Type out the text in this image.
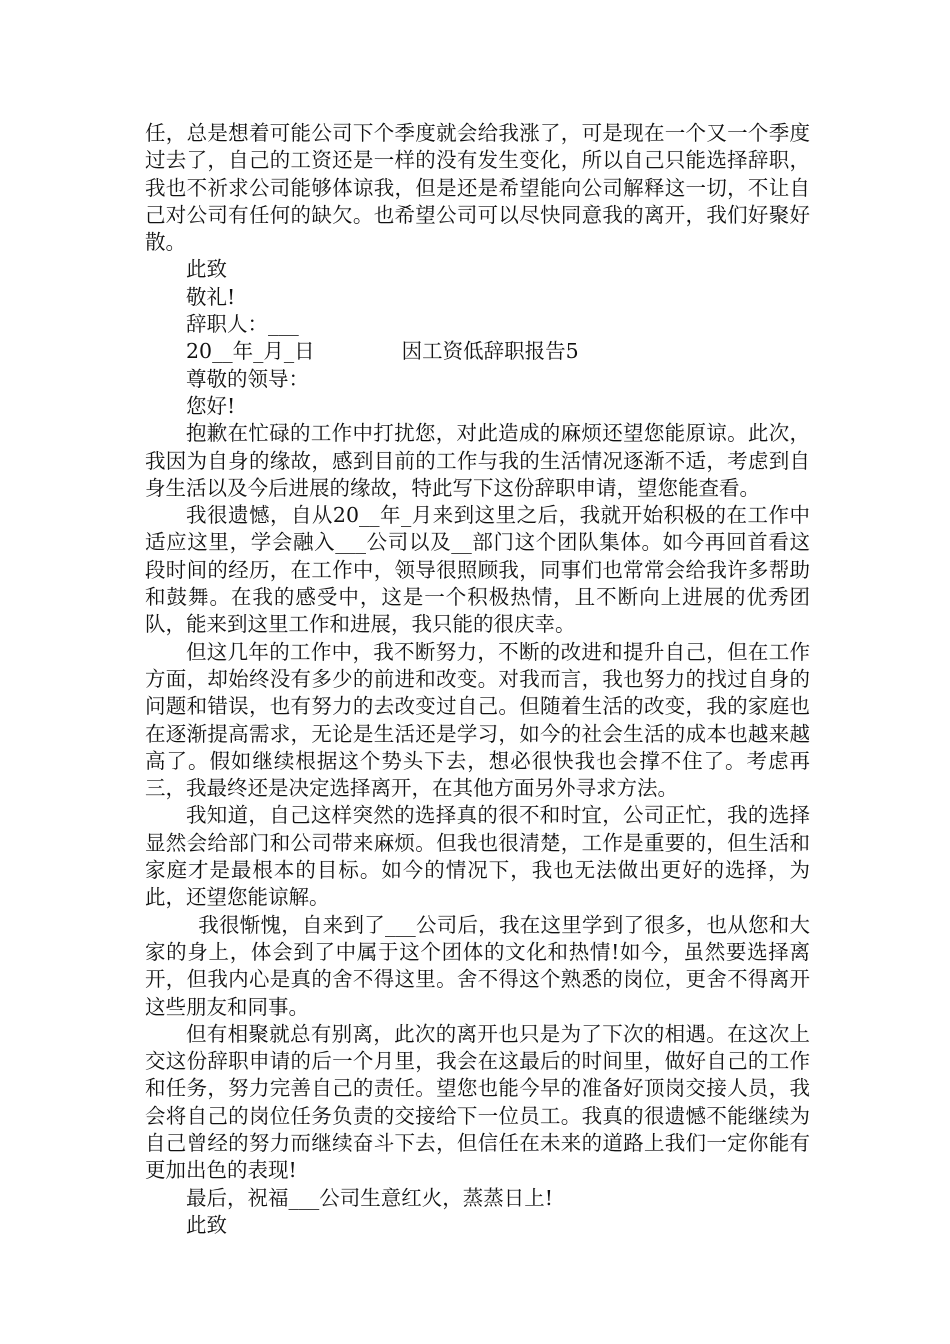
任，总是想着可能公司下个季度就会给我涨了，可是现在一个又一个季度过去了，自己的工资还是一样的没有发生变化，所以自己只能选择辞职，我也不祈求公司能够体谅我，但是还是希望能向公司解释这一切，不让自己对公司有任何的缺欠。也希望公司可以尽快同意我的离开，我们好聚好散。

此致

敬礼!

辞职人：___

20__年_月_日	因工资低辞职报告5

尊敬的领导：

您好!

抱歉在忙碌的工作中打扰您，对此造成的麻烦还望您能原谅。此次，我因为自身的缘故，感到目前的工作与我的生活情况逐渐不适，考虑到自身生活以及今后进展的缘故，特此写下这份辞职申请，望您能查看。

我很遗憾，自从20__年_月来到这里之后，我就开始积极的在工作中适应这里，学会融入___公司以及__部门这个团队集体。如今再回首看这段时间的经历，在工作中，领导很照顾我，同事们也常常会给我许多帮助和鼓舞。在我的感受中，这是一个积极热情，且不断向上进展的优秀团队，能来到这里工作和进展，我只能的很庆幸。

但这几年的工作中，我不断努力，不断的改进和提升自己，但在工作方面，却始终没有多少的前进和改变。对我而言，我也努力的找过自身的问题和错误，也有努力的去改变过自己。但随着生活的改变，我的家庭也在逐渐提高需求，无论是生活还是学习，如今的社会生活的成本也越来越高了。假如继续根据这个势头下去，想必很快我也会撑不住了。考虑再三，我最终还是决定选择离开，在其他方面另外寻求方法。

我知道，自己这样突然的选择真的很不和时宜，公司正忙，我的选择显然会给部门和公司带来麻烦。但我也很清楚，工作是重要的，但生活和家庭才是最根本的目标。如今的情况下，我也无法做出更好的选择，为此，还望您能谅解。

我很惭愧，自来到了___公司后，我在这里学到了很多，也从您和大家的身上，体会到了中属于这个团体的文化和热情!如今，虽然要选择离开，但我内心是真的舍不得这里。舍不得这个熟悉的岗位，更舍不得离开这些朋友和同事。

但有相聚就总有别离，此次的离开也只是为了下次的相遇。在这次上交这份辞职申请的后一个月里，我会在这最后的时间里，做好自己的工作和任务，努力完善自己的责任。望您也能今早的准备好顶岗交接人员，我会将自己的岗位任务负责的交接给下一位员工。我真的很遗憾不能继续为自己曾经的努力而继续奋斗下去，但信任在未来的道路上我们一定你能有更加出色的表现!

最后，祝福___公司生意红火，蒸蒸日上!

此致
